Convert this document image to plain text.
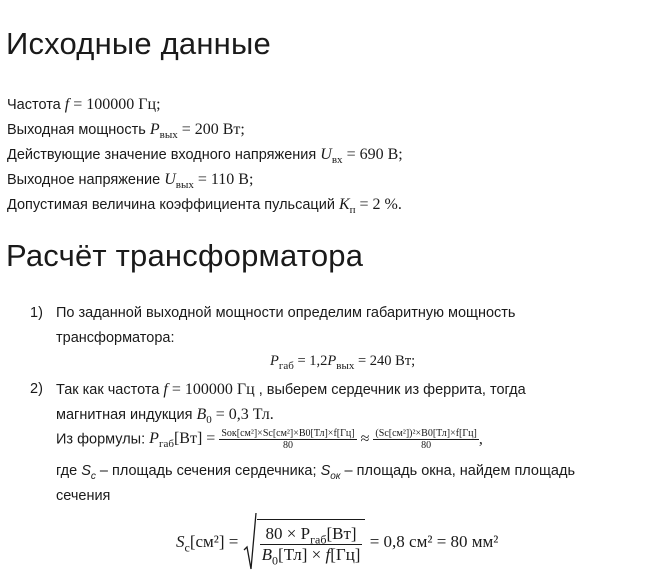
Исходные данные
Частота f = 100000 Гц;
Выходная мощность $P_{вых} = 200$ Вт;
Действующие значение входного напряжения $U_{вх} = 690$ В;
Выходное напряжение $U_{вых} = 110$ В;
Допустимая величина коэффициента пульсаций $K_п = 2$ %.
Расчёт трансформатора
1) По заданной выходной мощности определим габаритную мощность
трансформатора:
$P_{габ} = 1,2P_{вых} = 240$ Вт;
2) Так как частота f = 100000 Гц , выберем сердечник из феррита, тогда
магнитная индукция $B_0 = 0,3$ Тл.
Из формулы: $P_{габ}[Вт] = \frac{\text{Sок[см²]×Sc[см²]×B0[Тл]×f[Гц]}}{80} \approx \frac{\text{(Sc[см²])²×B0[Тл]×f[Гц]}}{80}$ ,
где $S_c$ – площадь сечения сердечника; $S_{ок}$ – площадь окна, найдем площадь
сечения
$S_c[см^2] = \frac{80 \times P_{габ}[Вт]}{B_0[Тл] \times f[Гц]} = 0,8$ см² = 80 мм²
